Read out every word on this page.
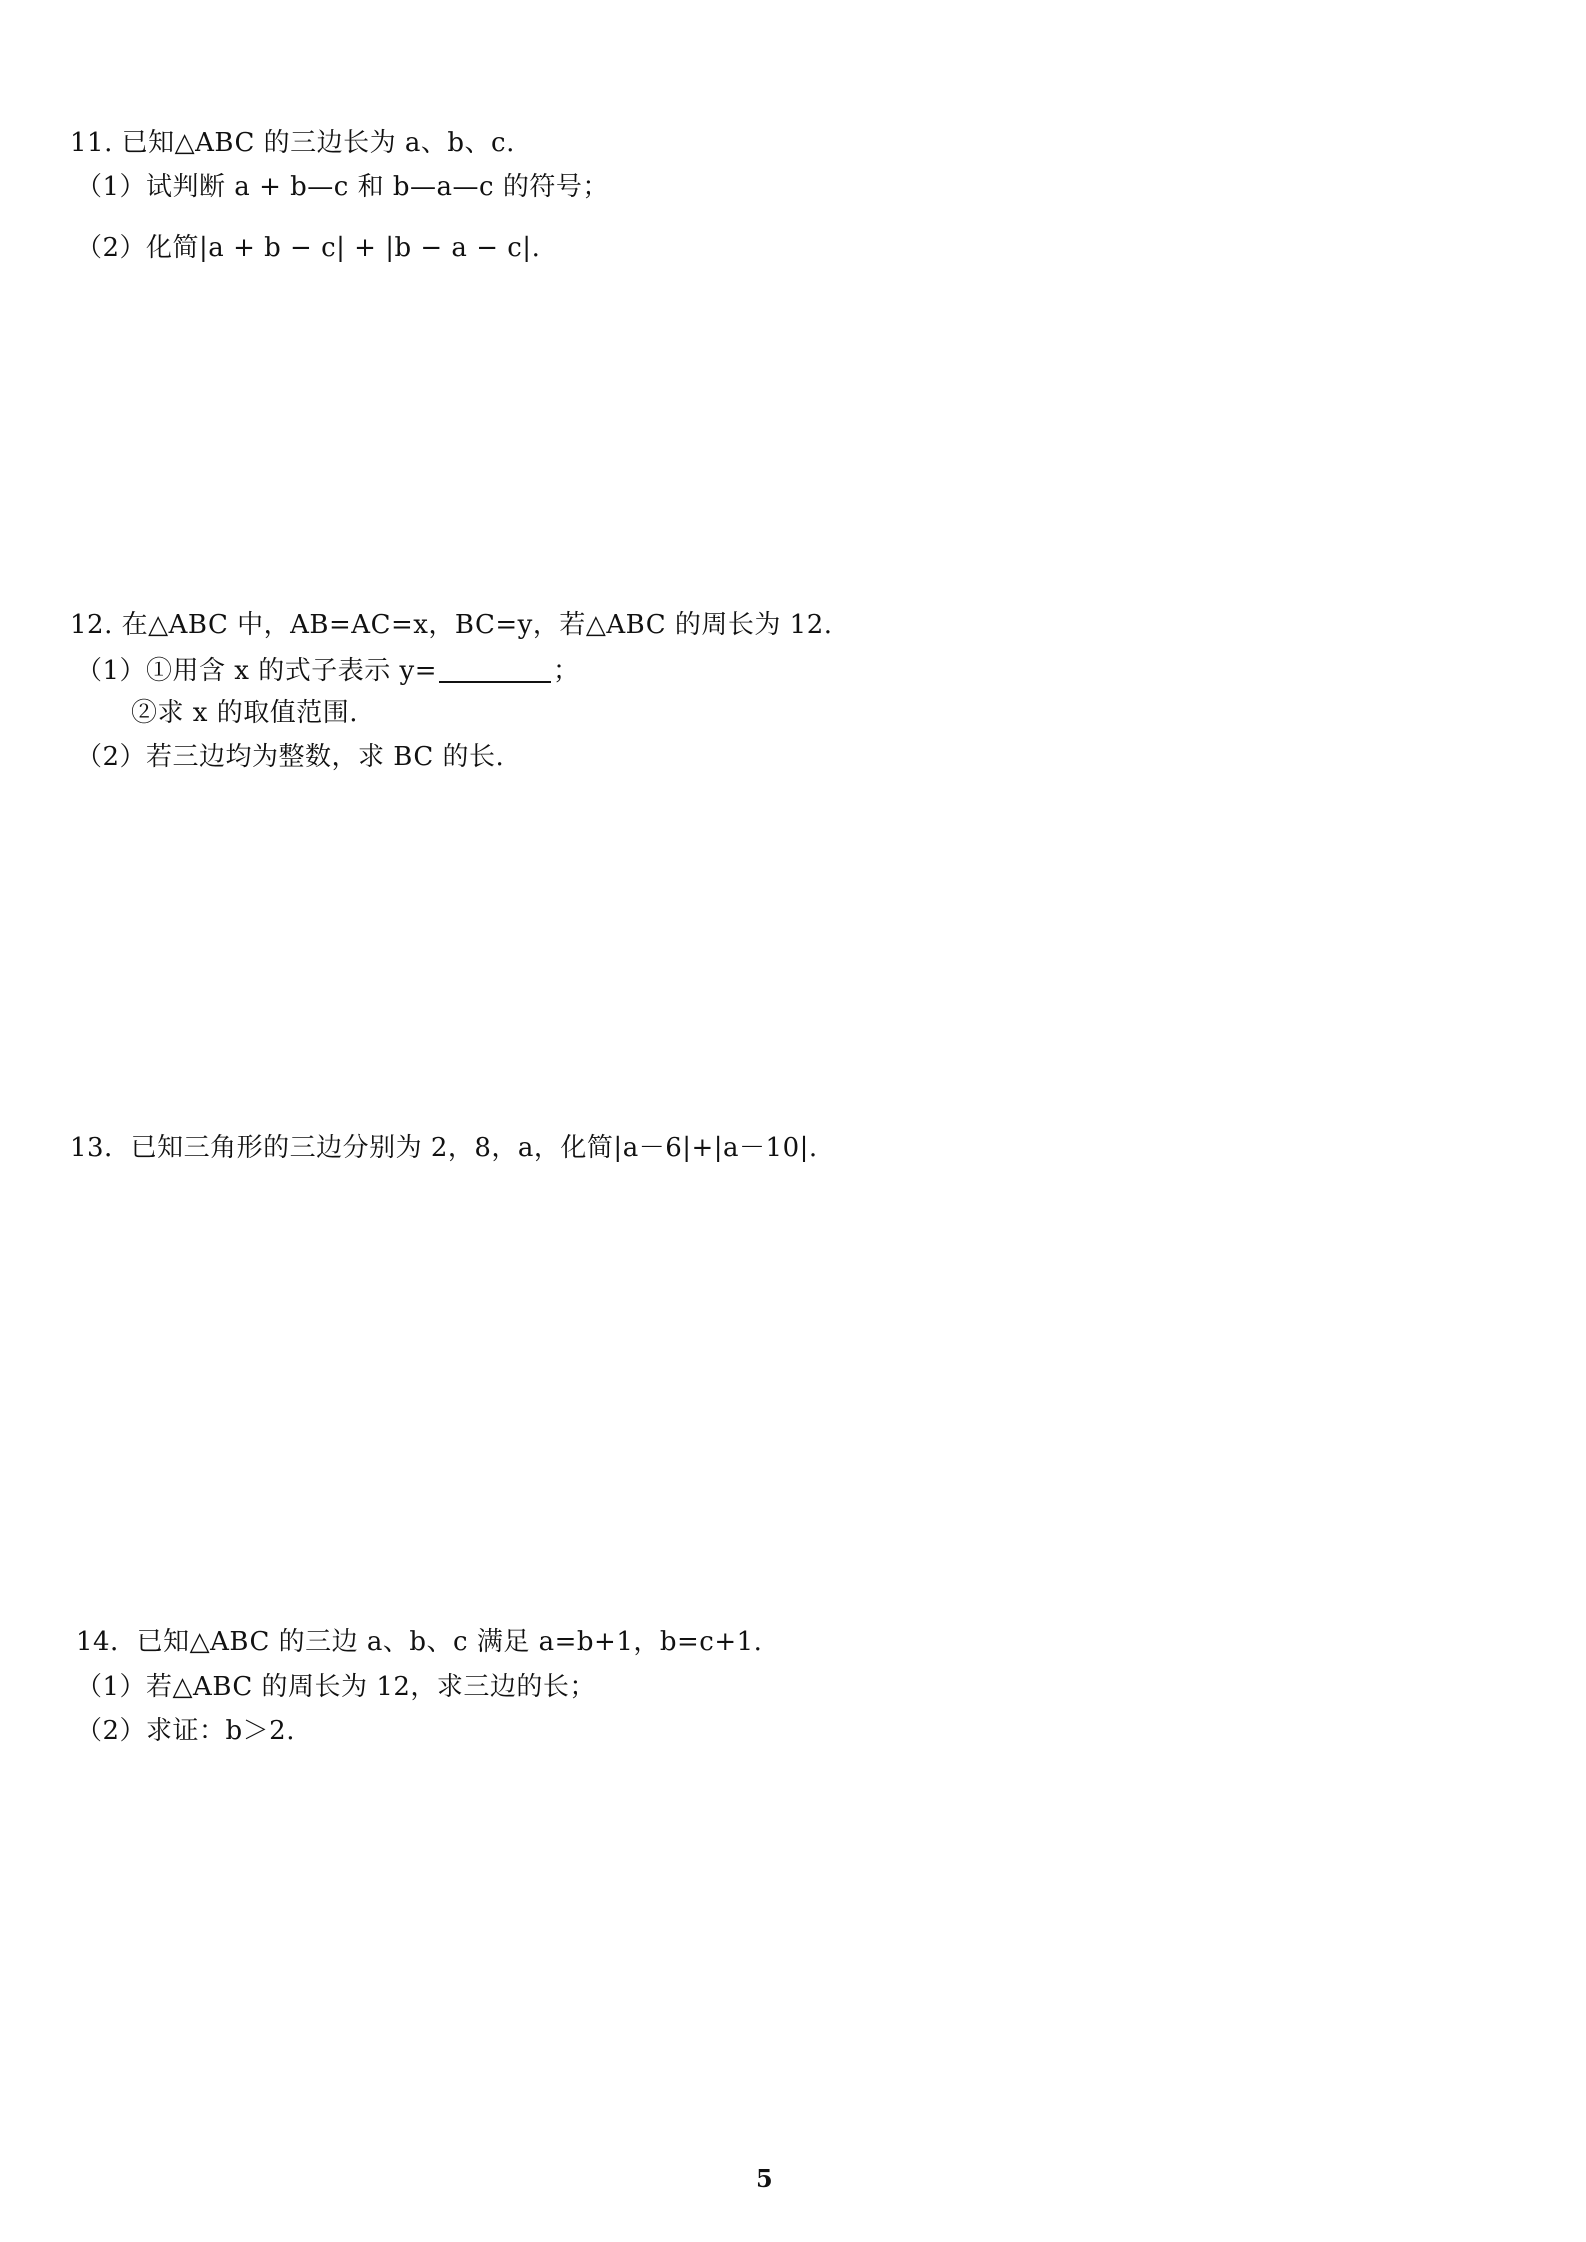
11. 已知△ABC 的三边长为 a、b、c.
（1）试判断 a + b—c 和 b—a—c 的符号；
（2）化简|a + b − c| + |b − a − c|.
12. 在△ABC 中，AB=AC=x，BC=y，若△ABC 的周长为 12.
（1）①用含 x 的式子表示 y=	；
②求 x 的取值范围.
（2）若三边均为整数，求 BC 的长.
13．已知三角形的三边分别为 2，8，a，化简|a－6|+|a－10|.
14．已知△ABC 的三边 a、b、c 满足 a=b+1，b=c+1.
（1）若△ABC 的周长为 12，求三边的长；
（2）求证：b＞2.
5
